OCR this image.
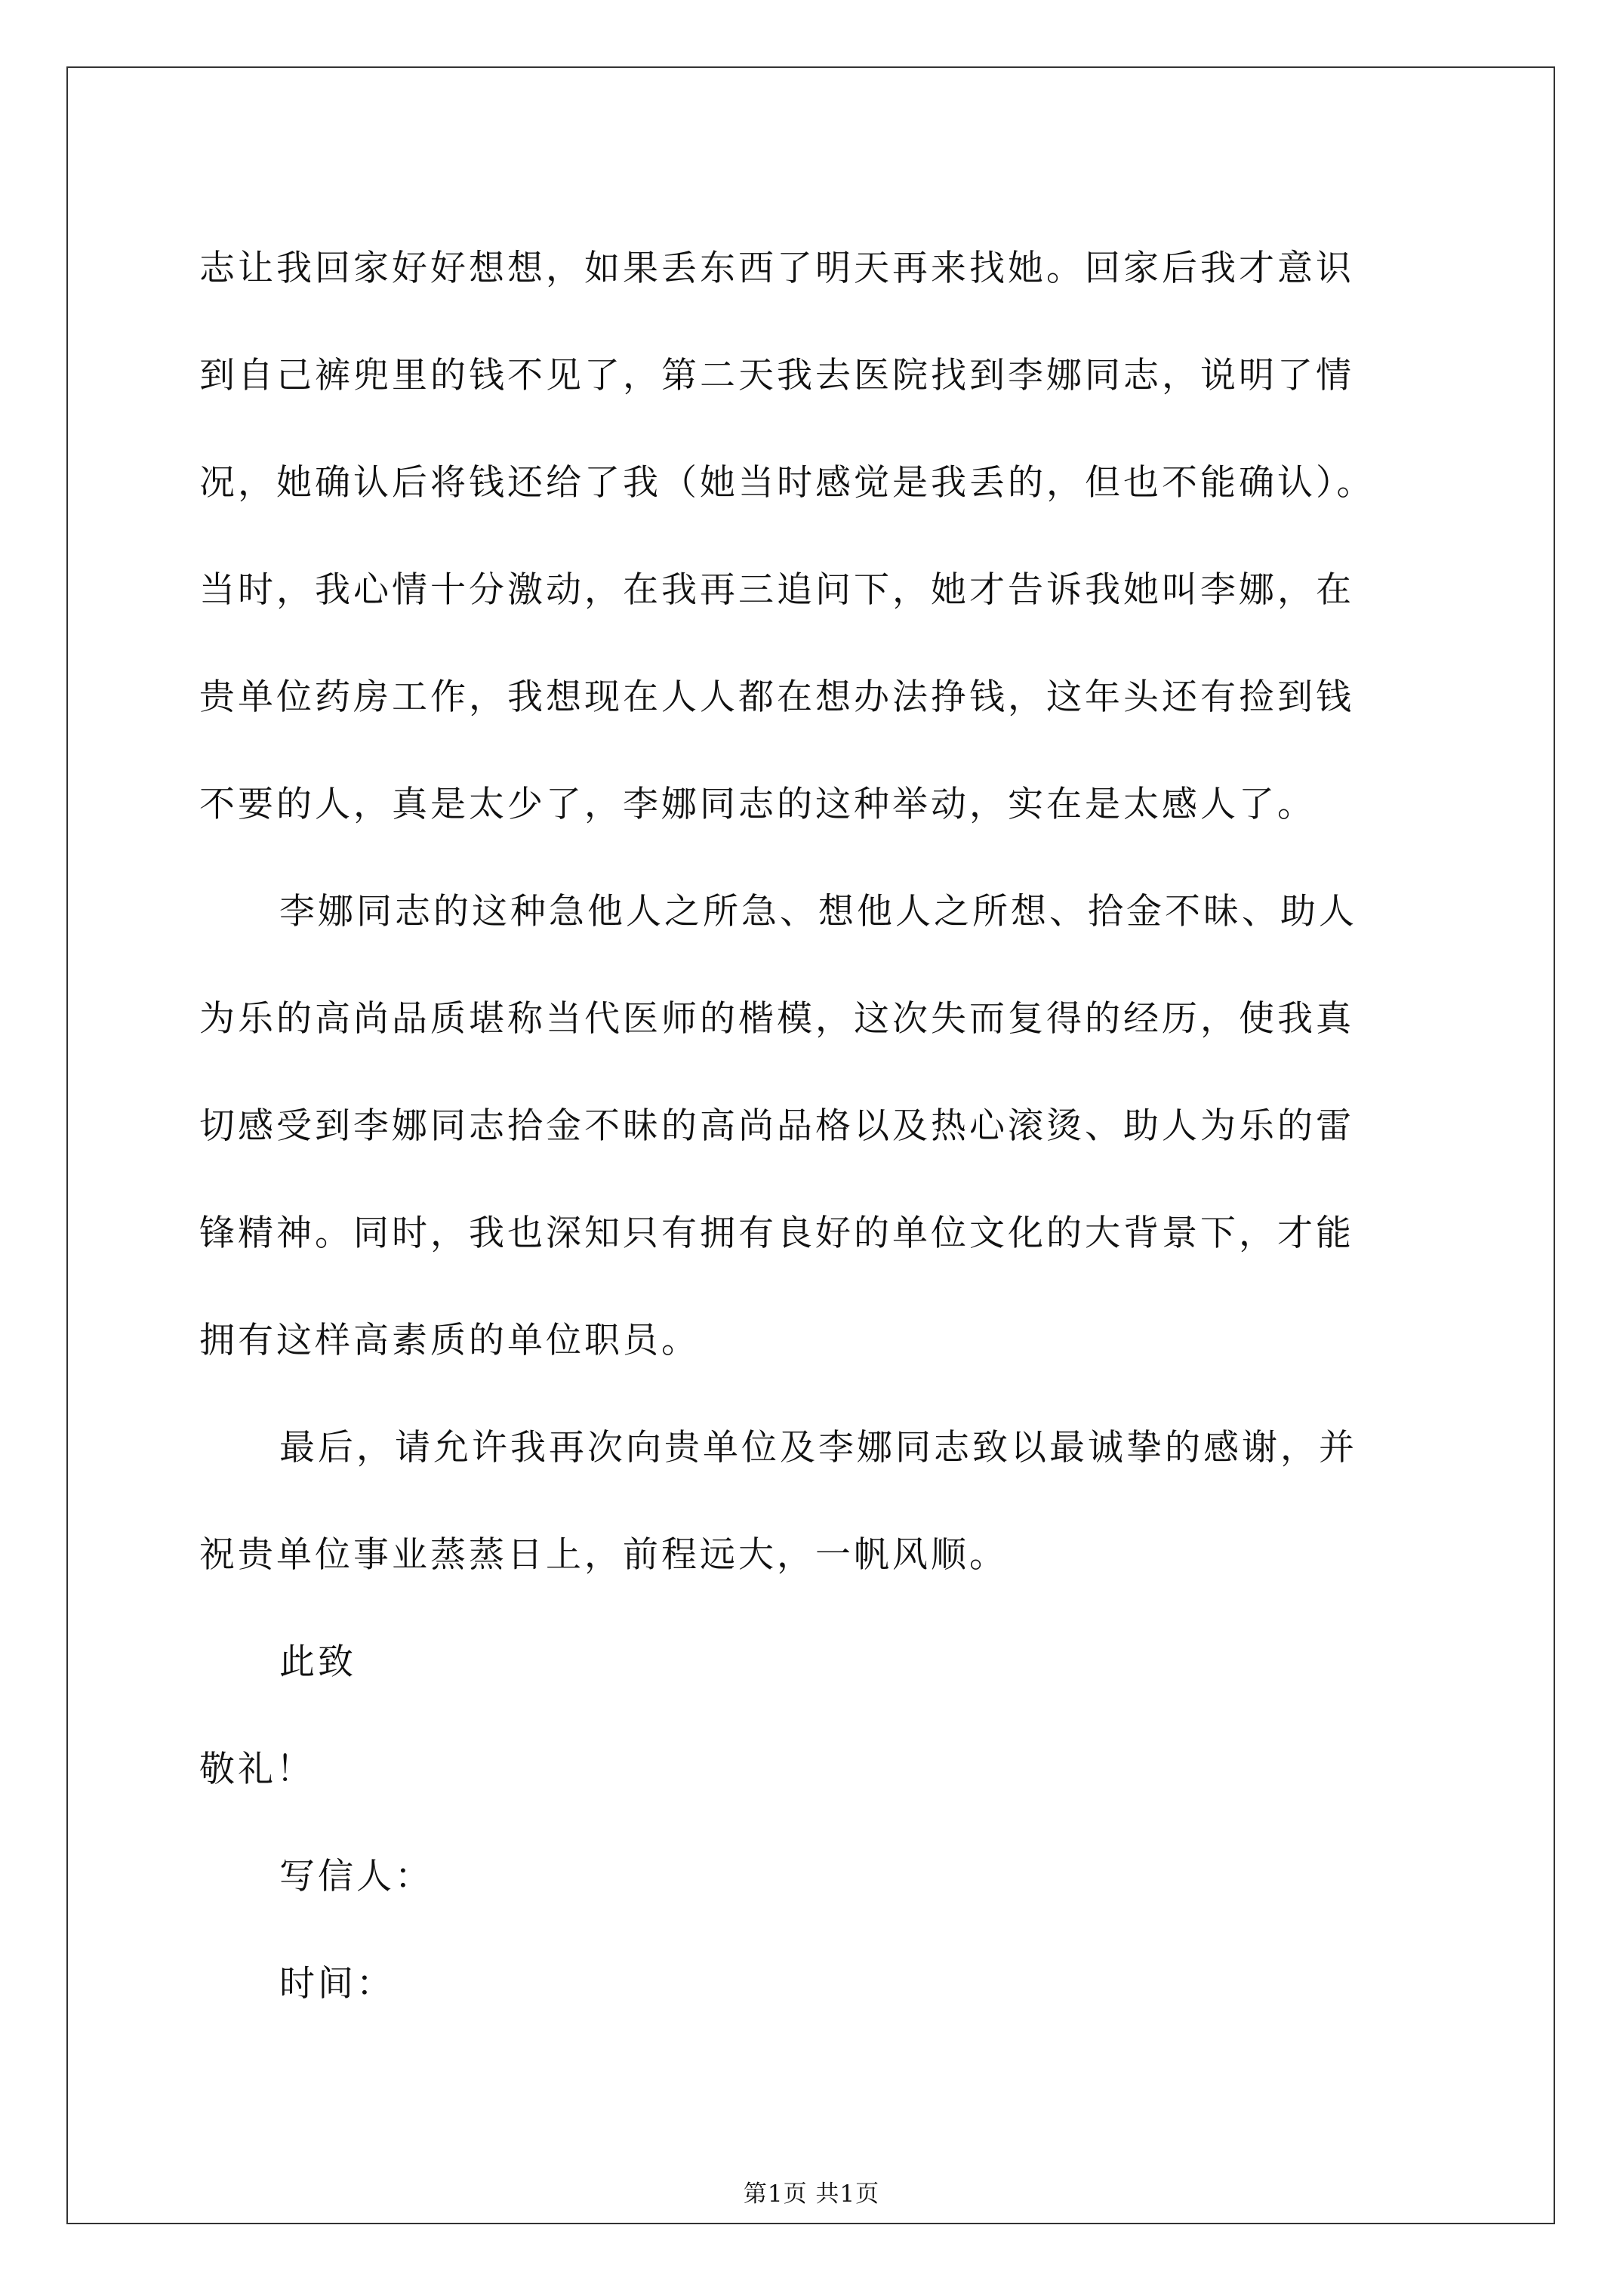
志让我回家好好想想，如果丢东西了明天再来找她。回家后我才意识
到自己裤兜里的钱不见了，第二天我去医院找到李娜同志，说明了情
况，她确认后将钱还给了我（她当时感觉是我丢的，但也不能确认）。
当时，我心情十分激动，在我再三追问下，她才告诉我她叫李娜，在
贵单位药房工作，我想现在人人都在想办法挣钱，这年头还有捡到钱
不要的人，真是太少了，李娜同志的这种举动，实在是太感人了。
李娜同志的这种急他人之所急、想他人之所想、拾金不昧、助人
为乐的高尚品质堪称当代医师的楷模，这次失而复得的经历，使我真
切感受到李娜同志拾金不昧的高尚品格以及热心滚烫、助人为乐的雷
锋精神。同时，我也深知只有拥有良好的单位文化的大背景下，才能
拥有这样高素质的单位职员。
最后，请允许我再次向贵单位及李娜同志致以最诚挚的感谢，并
祝贵单位事业蒸蒸日上，前程远大，一帆风顺。
此致
敬礼！
写信人：
时间：
第1页 共1页
